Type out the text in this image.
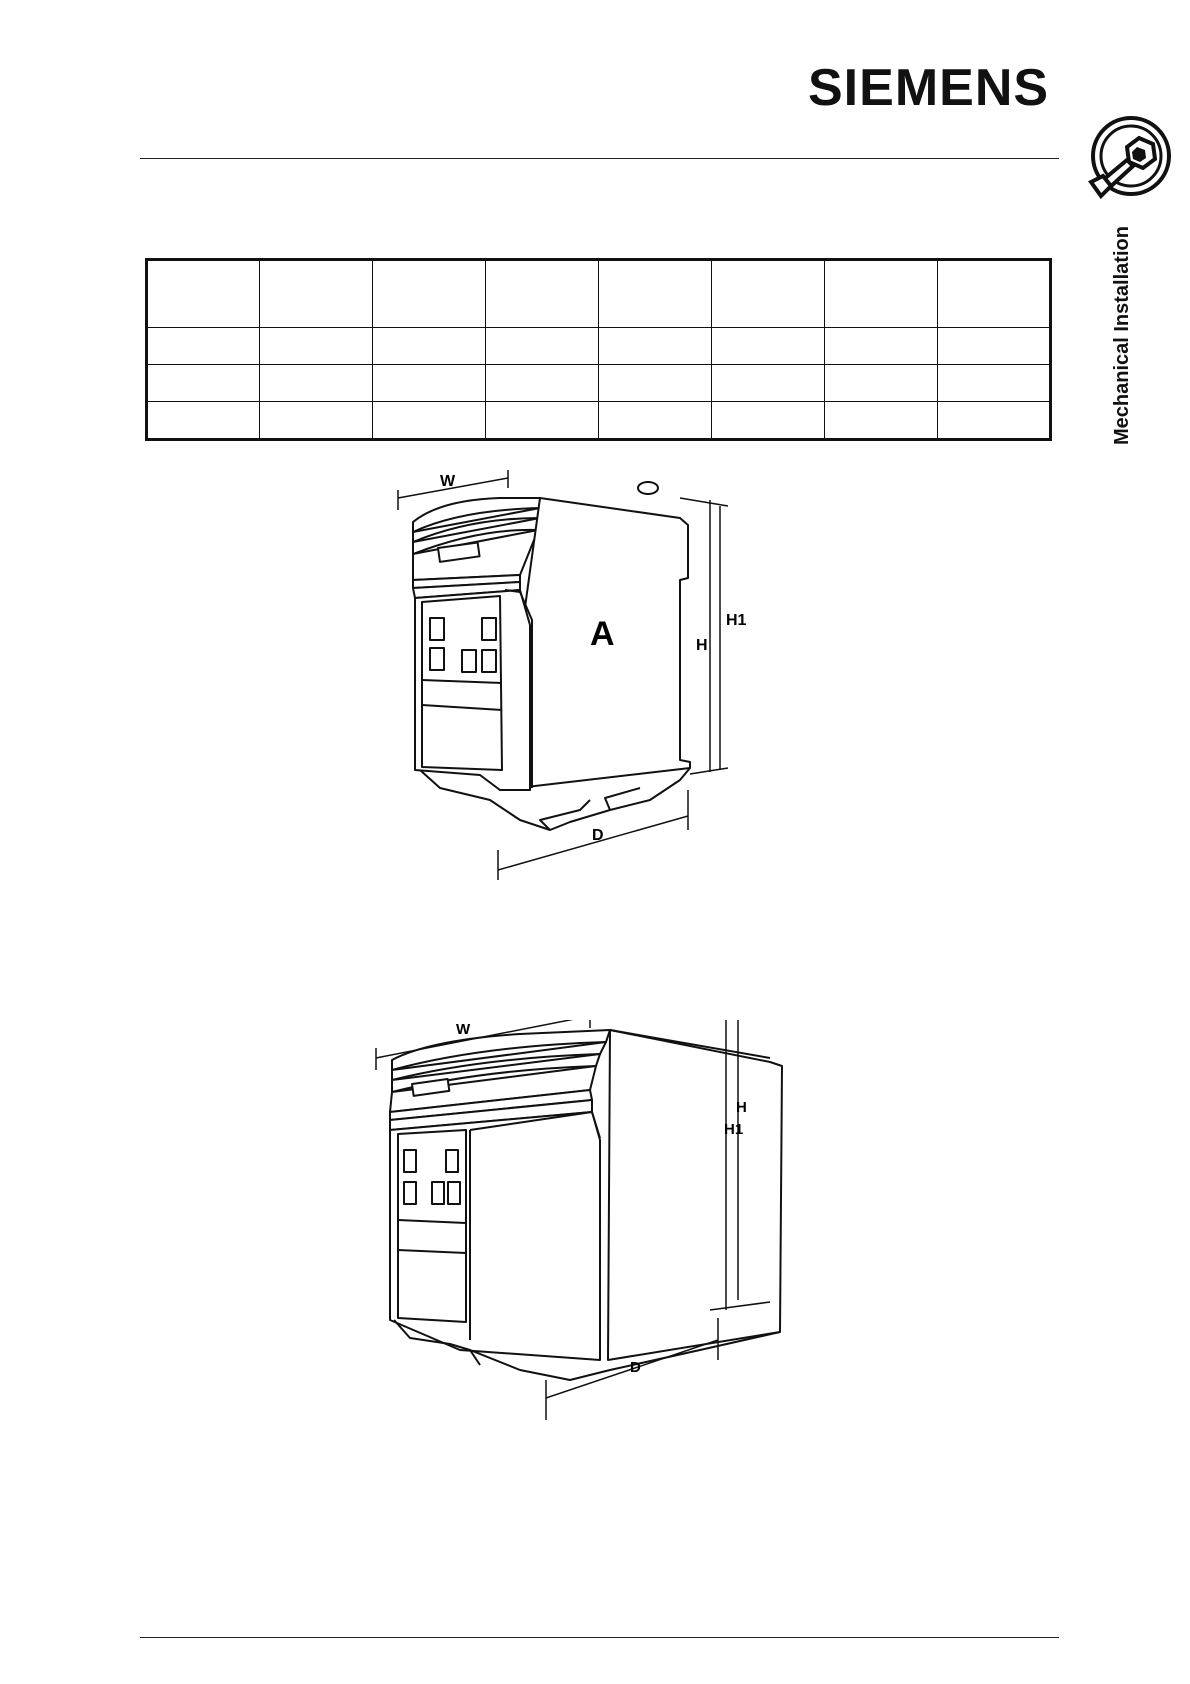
SIEMENS
Mechanical Installation

W
A	H1
H
D
W
H
H1
D
